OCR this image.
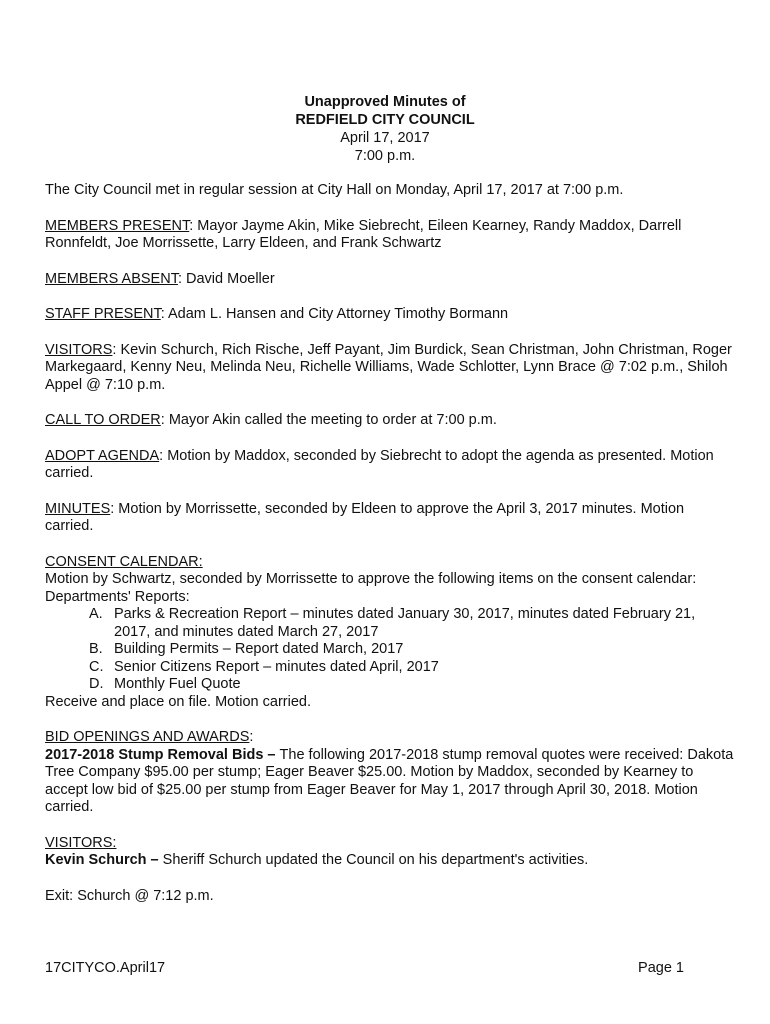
Unapproved Minutes of
REDFIELD CITY COUNCIL
April 17, 2017
7:00 p.m.

The City Council met in regular session at City Hall on Monday, April 17, 2017 at 7:00 p.m.

MEMBERS PRESENT: Mayor Jayme Akin, Mike Siebrecht, Eileen Kearney, Randy Maddox, Darrell Ronnfeldt, Joe Morrissette, Larry Eldeen, and Frank Schwartz

MEMBERS ABSENT: David Moeller

STAFF PRESENT: Adam L. Hansen and City Attorney Timothy Bormann

VISITORS: Kevin Schurch, Rich Rische, Jeff Payant, Jim Burdick, Sean Christman, John Christman, Roger Markegaard, Kenny Neu, Melinda Neu, Richelle Williams, Wade Schlotter, Lynn Brace @ 7:02 p.m., Shiloh Appel @ 7:10 p.m.

CALL TO ORDER: Mayor Akin called the meeting to order at 7:00 p.m.

ADOPT AGENDA: Motion by Maddox, seconded by Siebrecht to adopt the agenda as presented. Motion carried.

MINUTES: Motion by Morrissette, seconded by Eldeen to approve the April 3, 2017 minutes. Motion carried.

CONSENT CALENDAR:
Motion by Schwartz, seconded by Morrissette to approve the following items on the consent calendar:
Departments' Reports:

A. Parks & Recreation Report – minutes dated January 30, 2017, minutes dated February 21, 2017, and minutes dated March 27, 2017
B. Building Permits – Report dated March, 2017
C. Senior Citizens Report – minutes dated April, 2017
D. Monthly Fuel Quote

Receive and place on file. Motion carried.

BID OPENINGS AND AWARDS:
2017-2018 Stump Removal Bids – The following 2017-2018 stump removal quotes were received: Dakota Tree Company $95.00 per stump; Eager Beaver $25.00. Motion by Maddox, seconded by Kearney to accept low bid of $25.00 per stump from Eager Beaver for May 1, 2017 through April 30, 2018. Motion carried.

VISITORS:
Kevin Schurch – Sheriff Schurch updated the Council on his department's activities.

Exit: Schurch @ 7:12 p.m.

17CITYCO.April17	Page 1
